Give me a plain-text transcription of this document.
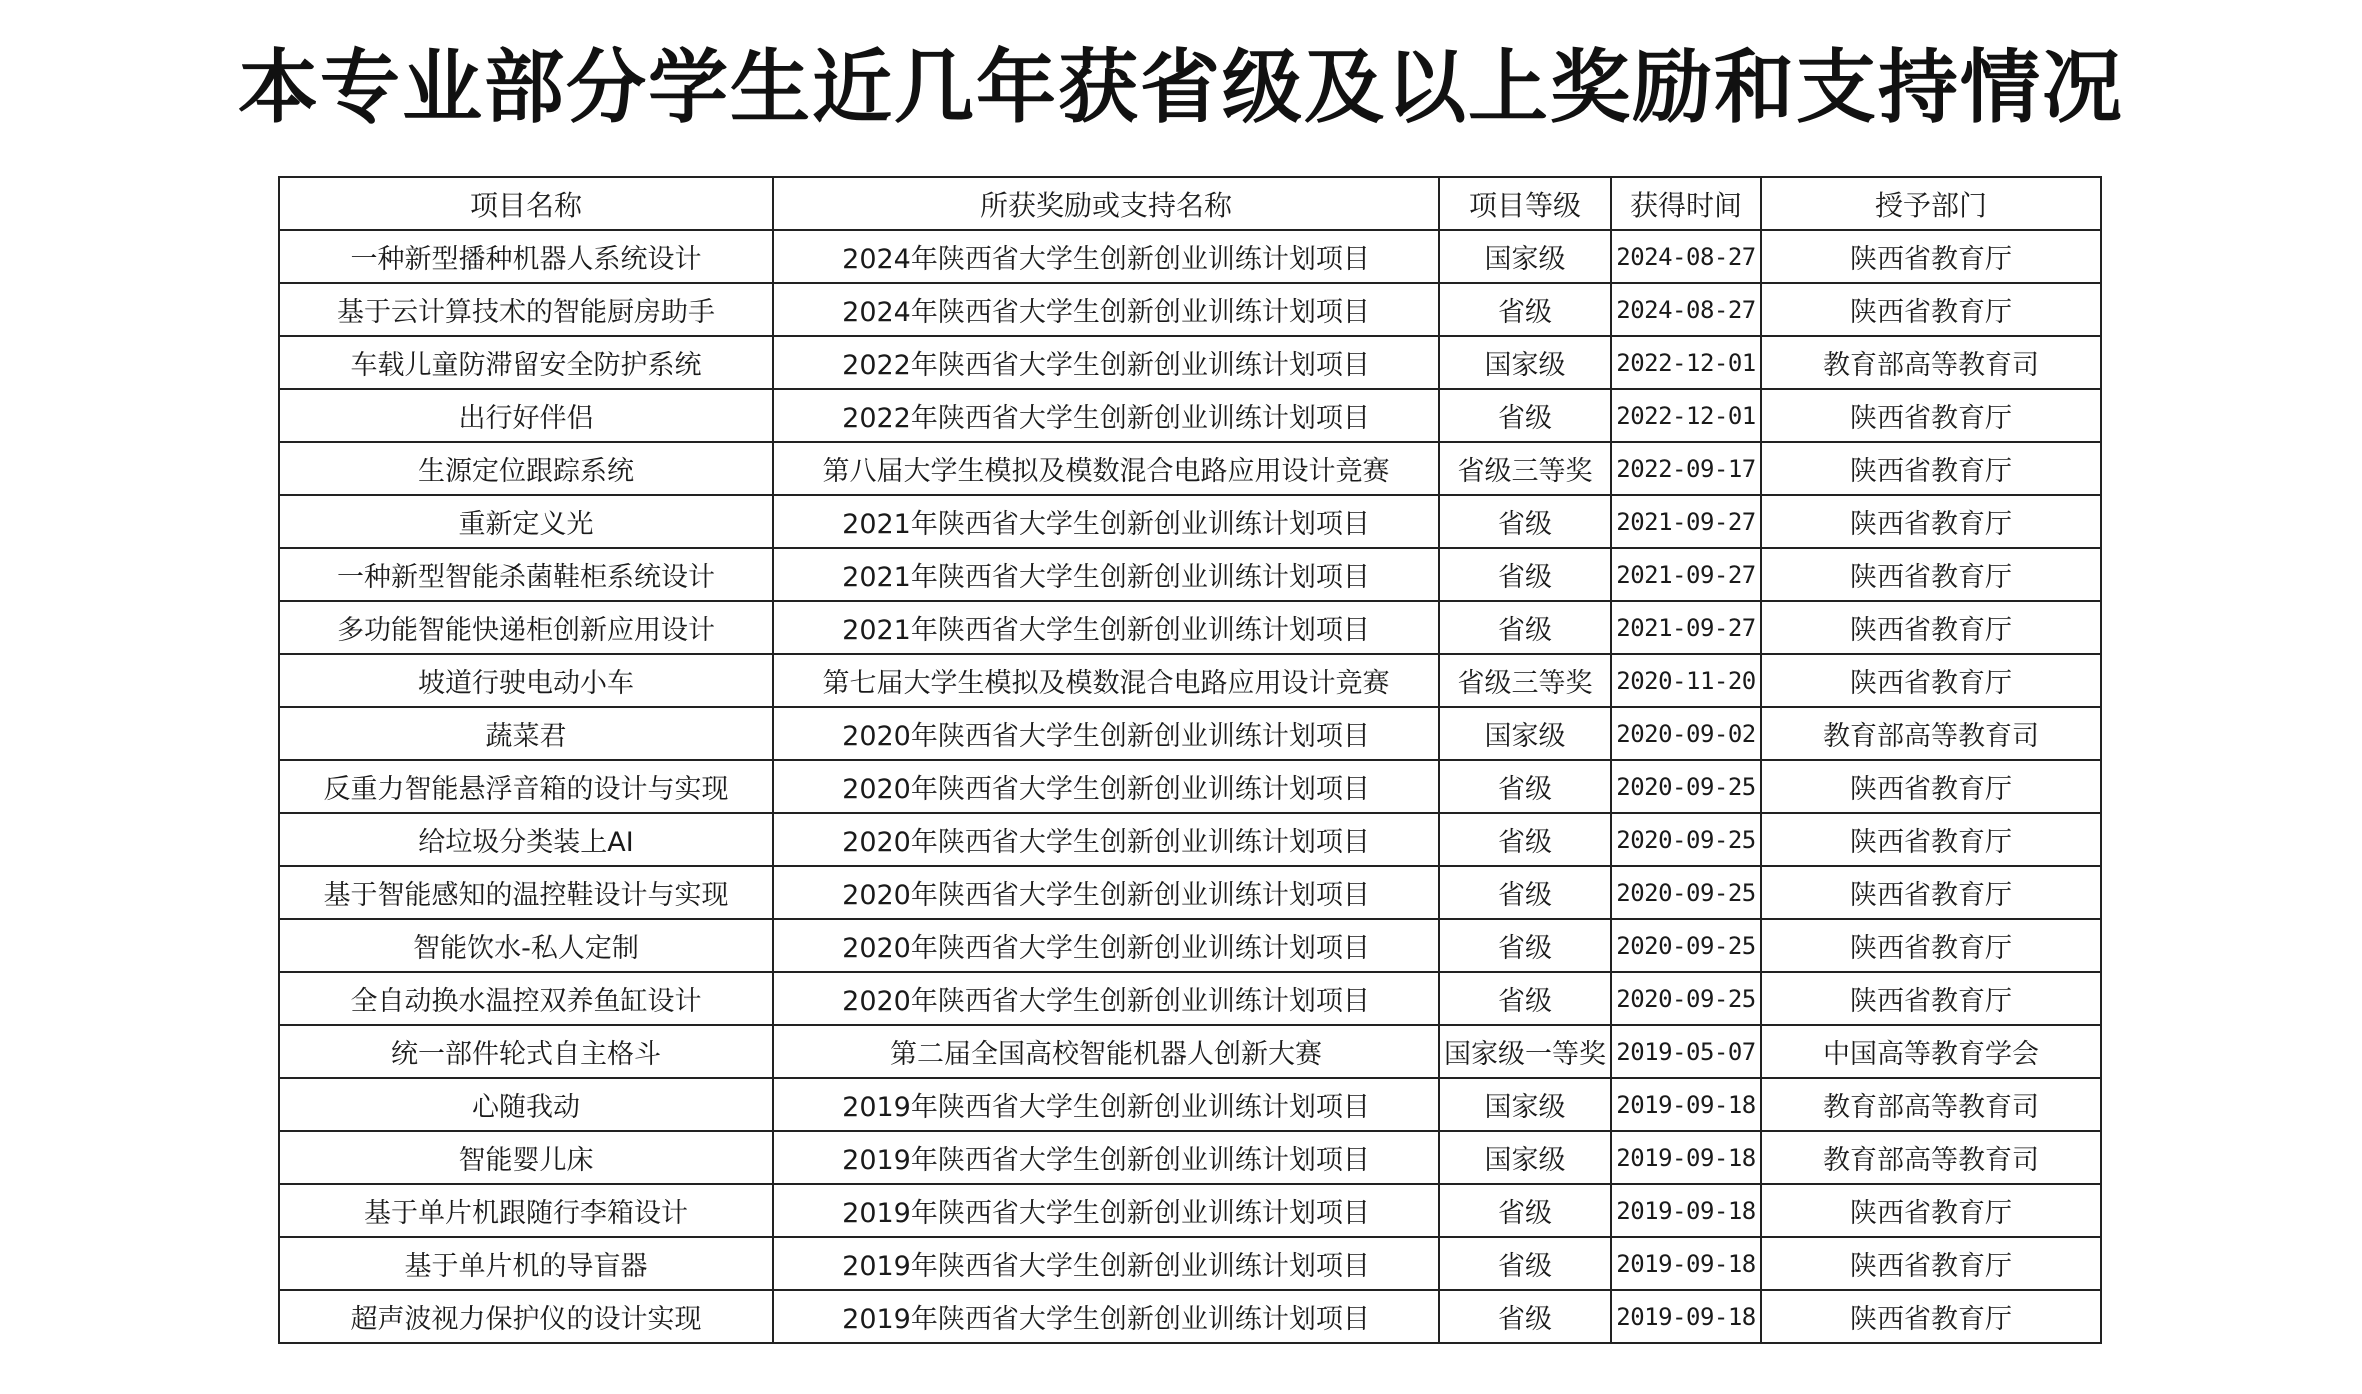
本专业部分学生近几年获省级及以上奖励和支持情况
项目名称	所获奖励或支持名称	项目等级	获得时间	授予部门
一种新型播种机器人系统设计	2024年陕西省大学生创新创业训练计划项目	国家级	2024-08-27	陕西省教育厅
基于云计算技术的智能厨房助手	2024年陕西省大学生创新创业训练计划项目	省级	2024-08-27	陕西省教育厅
车载儿童防滞留安全防护系统	2022年陕西省大学生创新创业训练计划项目	国家级	2022-12-01	教育部高等教育司
出行好伴侣	2022年陕西省大学生创新创业训练计划项目	省级	2022-12-01	陕西省教育厅
生源定位跟踪系统	第八届大学生模拟及模数混合电路应用设计竞赛	省级三等奖	2022-09-17	陕西省教育厅
重新定义光	2021年陕西省大学生创新创业训练计划项目	省级	2021-09-27	陕西省教育厅
一种新型智能杀菌鞋柜系统设计	2021年陕西省大学生创新创业训练计划项目	省级	2021-09-27	陕西省教育厅
多功能智能快递柜创新应用设计	2021年陕西省大学生创新创业训练计划项目	省级	2021-09-27	陕西省教育厅
坡道行驶电动小车	第七届大学生模拟及模数混合电路应用设计竞赛	省级三等奖	2020-11-20	陕西省教育厅
蔬菜君	2020年陕西省大学生创新创业训练计划项目	国家级	2020-09-02	教育部高等教育司
反重力智能悬浮音箱的设计与实现	2020年陕西省大学生创新创业训练计划项目	省级	2020-09-25	陕西省教育厅
给垃圾分类装上AI	2020年陕西省大学生创新创业训练计划项目	省级	2020-09-25	陕西省教育厅
基于智能感知的温控鞋设计与实现	2020年陕西省大学生创新创业训练计划项目	省级	2020-09-25	陕西省教育厅
智能饮水-私人定制	2020年陕西省大学生创新创业训练计划项目	省级	2020-09-25	陕西省教育厅
全自动换水温控双养鱼缸设计	2020年陕西省大学生创新创业训练计划项目	省级	2020-09-25	陕西省教育厅
统一部件轮式自主格斗	第二届全国高校智能机器人创新大赛	国家级一等奖	2019-05-07	中国高等教育学会
心随我动	2019年陕西省大学生创新创业训练计划项目	国家级	2019-09-18	教育部高等教育司
智能婴儿床	2019年陕西省大学生创新创业训练计划项目	国家级	2019-09-18	教育部高等教育司
基于单片机跟随行李箱设计	2019年陕西省大学生创新创业训练计划项目	省级	2019-09-18	陕西省教育厅
基于单片机的导盲器	2019年陕西省大学生创新创业训练计划项目	省级	2019-09-18	陕西省教育厅
超声波视力保护仪的设计实现	2019年陕西省大学生创新创业训练计划项目	省级	2019-09-18	陕西省教育厅
